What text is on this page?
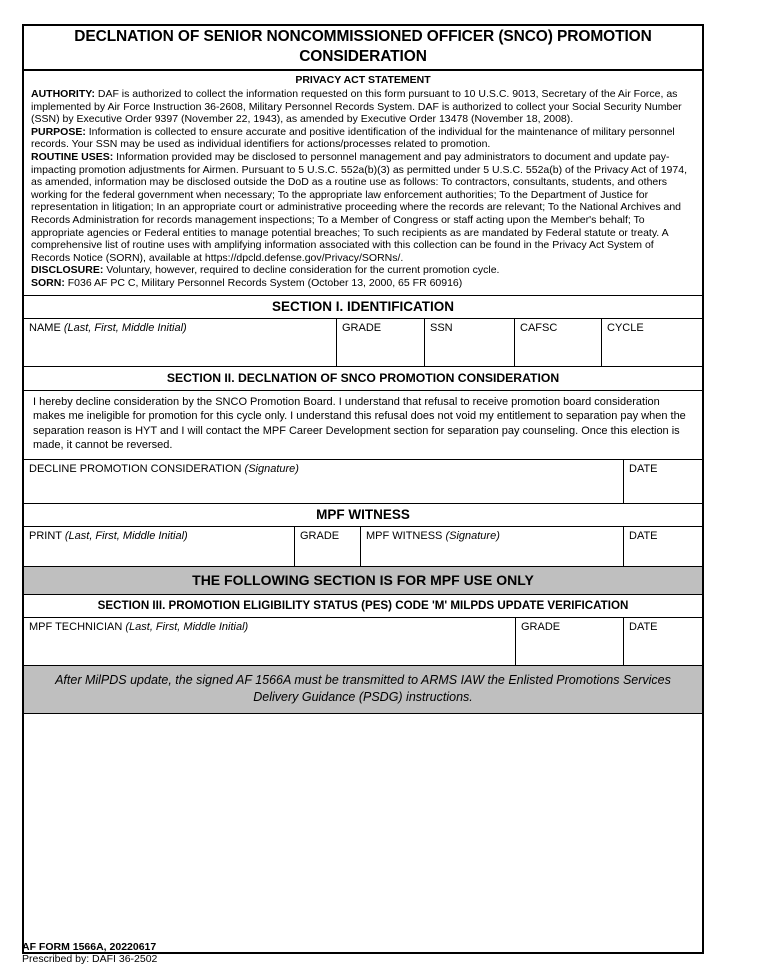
DECLNATION OF SENIOR NONCOMMISSIONED OFFICER (SNCO) PROMOTION CONSIDERATION
PRIVACY ACT STATEMENT

AUTHORITY: DAF is authorized to collect the information requested on this form pursuant to 10 U.S.C. 9013, Secretary of the Air Force, as implemented by Air Force Instruction 36-2608, Military Personnel Records System. DAF is authorized to collect your Social Security Number (SSN) by Executive Order 9397 (November 22, 1943), as amended by Executive Order 13478 (November 18, 2008).

PURPOSE: Information is collected to ensure accurate and positive identification of the individual for the maintenance of military personnel records. Your SSN may be used as individual identifiers for actions/processes related to promotion.

ROUTINE USES: Information provided may be disclosed to personnel management and pay administrators to document and update pay-impacting promotion adjustments for Airmen. Pursuant to 5 U.S.C. 552a(b)(3) as permitted under 5 U.S.C. 552a(b) of the Privacy Act of 1974, as amended, information may be disclosed outside the DoD as a routine use as follows: To contractors, consultants, students, and others working for the federal government when necessary; To the appropriate law enforcement authorities; To the Department of Justice for representation in litigation; In an appropriate court or administrative proceeding where the records are relevant; To the National Archives and Records Administration for records management inspections; To a Member of Congress or staff acting upon the Member's behalf; To appropriate agencies or Federal entities to manage potential breaches; To such recipients as are mandated by Federal statute or treaty. A comprehensive list of routine uses with amplifying information associated with this collection can be found in the Privacy Act System of Records Notice (SORN), available at https://dpcld.defense.gov/Privacy/SORNs/.

DISCLOSURE: Voluntary, however, required to decline consideration for the current promotion cycle.

SORN: F036 AF PC C, Military Personnel Records System (October 13, 2000, 65 FR 60916)

SECTION I. IDENTIFICATION
NAME (Last, First, Middle Initial)	GRADE	SSN	CAFSC	CYCLE
SECTION II. DECLNATION OF SNCO PROMOTION CONSIDERATION
I hereby decline consideration by the SNCO Promotion Board. I understand that refusal to receive promotion board consideration makes me ineligible for promotion for this cycle only. I understand this refusal does not void my entitlement to separation pay when the separation reason is HYT and I will contact the MPF Career Development section for separation pay counseling. Once this election is made, it cannot be reversed.
DECLINE PROMOTION CONSIDERATION (Signature)	DATE
MPF WITNESS
PRINT (Last, First, Middle Initial)	GRADE	MPF WITNESS (Signature)	DATE
THE FOLLOWING SECTION IS FOR MPF USE ONLY
SECTION III. PROMOTION ELIGIBILITY STATUS (PES) CODE 'M' MILPDS UPDATE VERIFICATION
MPF TECHNICIAN (Last, First, Middle Initial)	GRADE	DATE
After MilPDS update, the signed AF 1566A must be transmitted to ARMS IAW the Enlisted Promotions Services Delivery Guidance (PSDG) instructions.
AF FORM 1566A, 20220617
Prescribed by: DAFI 36-2502
